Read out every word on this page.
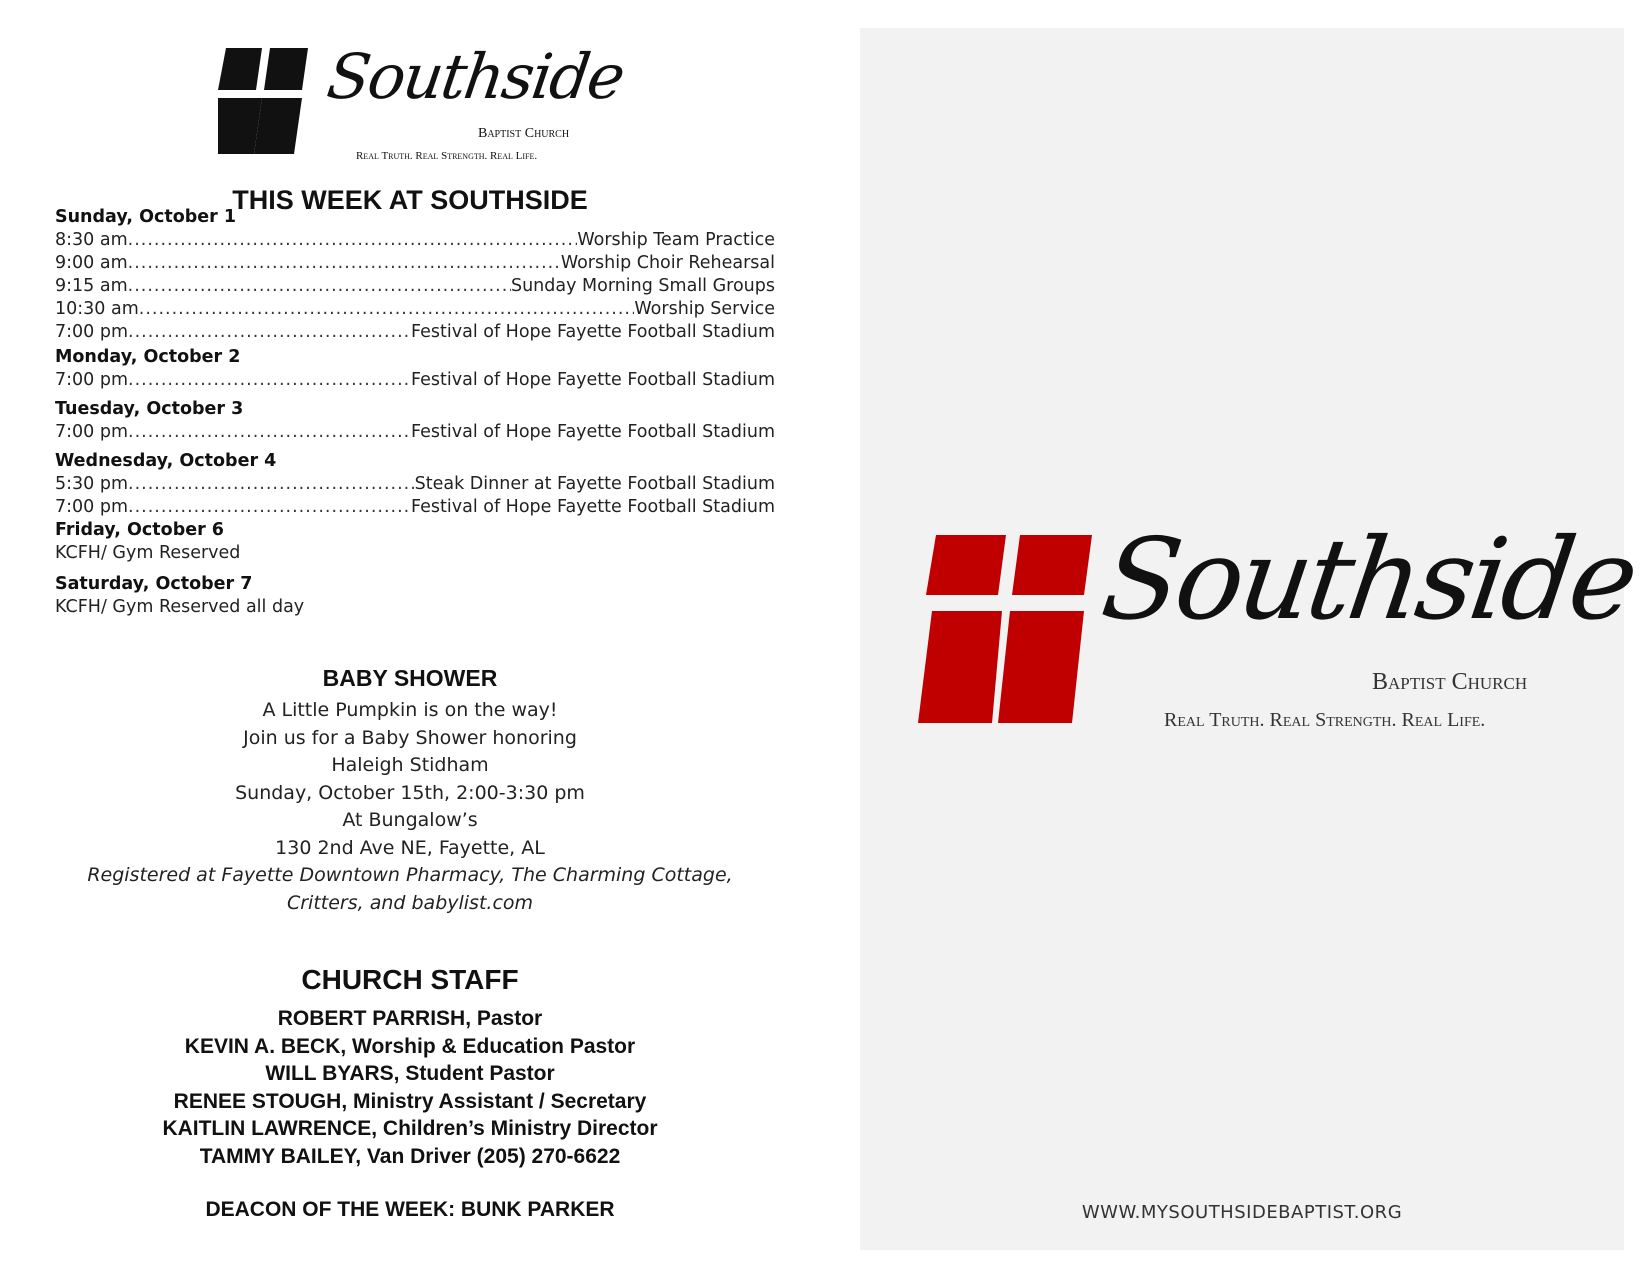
Southside
Baptist Church
Real Truth. Real Strength. Real Life.
THIS WEEK AT SOUTHSIDE
Sunday, October 1
8:30 am .....	Worship Team Practice
9:00 am .....	Worship Choir Rehearsal
9:15 am .....	Sunday Morning Small Groups
10:30 am .....	Worship Service
7:00 pm .....	Festival of Hope Fayette Football Stadium
Monday, October 2
7:00 pm .....	Festival of Hope Fayette Football Stadium
Tuesday, October 3
7:00 pm .....	Festival of Hope Fayette Football Stadium
Wednesday, October 4
5:30 pm .....	Steak Dinner at Fayette Football Stadium
7:00 pm .....	Festival of Hope Fayette Football Stadium
Friday, October 6
KCFH/ Gym Reserved
Saturday, October 7
KCFH/ Gym Reserved all day
BABY SHOWER
A Little Pumpkin is on the way!
Join us for a Baby Shower honoring
Haleigh Stidham
Sunday, October 15th, 2:00-3:30 pm
At Bungalow’s
130 2nd Ave NE, Fayette, AL
Registered at Fayette Downtown Pharmacy, The Charming Cottage,
Critters, and babylist.com
CHURCH STAFF
ROBERT PARRISH, Pastor
KEVIN A. BECK, Worship & Education Pastor
WILL BYARS, Student Pastor
RENEE STOUGH, Ministry Assistant / Secretary
KAITLIN LAWRENCE, Children’s Ministry Director
TAMMY BAILEY, Van Driver (205) 270-6622
DEACON OF THE WEEK: BUNK PARKER
Southside
Baptist Church
Real Truth. Real Strength. Real Life.
WWW.MYSOUTHSIDEBAPTIST.ORG
